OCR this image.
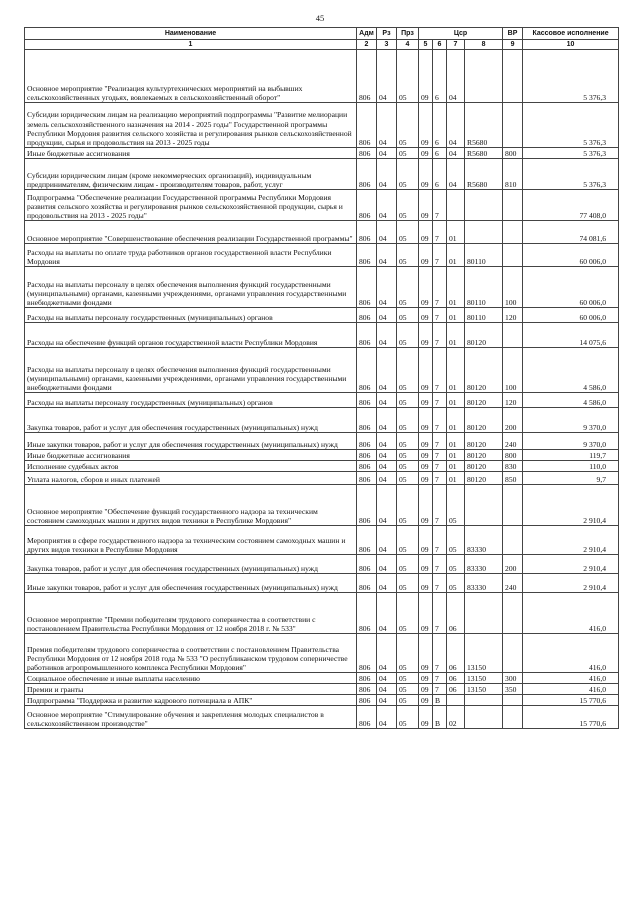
45
Наименование	Адм	Рз	Прз	Цср				ВР	Кассовое исполнение
1	2	3	4	5	6	7	8	9	10
Основное мероприятие "Реализация культуртехнических мероприятий на выбывших сельскохозяйственных угодьях, вовлекаемых в сельскохозяйственный оборот"	806	04	05	09	6	04			5 376,3
Субсидии юридическим лицам на реализацию мероприятий подпрограммы "Развитие мелиорации земель сельскохозяйственного назначения на 2014 - 2025 годы" Государственной программы Республики Мордовия развития сельского хозяйства и регулирования рынков сельскохозяйственной продукции, сырья и продовольствия на 2013 - 2025 годы	806	04	05	09	6	04	R5680		5 376,3
Иные бюджетные ассигнования	806	04	05	09	6	04	R5680	800	5 376,3
Субсидии юридическим лицам (кроме некоммерческих организаций), индивидуальным предпринимателям, физическим лицам - производителям товаров, работ, услуг	806	04	05	09	6	04	R5680	810	5 376,3
Подпрограмма "Обеспечение реализации Государственной программы Республики Мордовия развития сельского хозяйства и регулирования рынков сельскохозяйственной продукции, сырья и продовольствия на 2013 - 2025 годы"	806	04	05	09	7				77 408,0
Основное мероприятие "Совершенствование обеспечения реализации Государственной программы"	806	04	05	09	7	01			74 081,6
Расходы на выплаты по оплате труда работников органов государственной власти Республики Мордовия	806	04	05	09	7	01	80110		60 006,0
Расходы на выплаты персоналу в целях обеспечения выполнения функций государственными (муниципальными) органами, казенными учреждениями, органами управления государственными внебюджетными фондами	806	04	05	09	7	01	80110	100	60 006,0
Расходы на выплаты персоналу государственных (муниципальных) органов	806	04	05	09	7	01	80110	120	60 006,0
Расходы на обеспечение функций органов государственной власти Республики Мордовия	806	04	05	09	7	01	80120		14 075,6
Расходы на выплаты персоналу в целях обеспечения выполнения функций государственными (муниципальными) органами, казенными учреждениями, органами управления государственными внебюджетными фондами	806	04	05	09	7	01	80120	100	4 586,0
Расходы на выплаты персоналу государственных (муниципальных) органов	806	04	05	09	7	01	80120	120	4 586,0
Закупка товаров, работ и услуг для обеспечения государственных (муниципальных) нужд	806	04	05	09	7	01	80120	200	9 370,0
Иные закупки товаров, работ и услуг для обеспечения государственных (муниципальных) нужд	806	04	05	09	7	01	80120	240	9 370,0
Иные бюджетные ассигнования	806	04	05	09	7	01	80120	800	119,7
Исполнение судебных актов	806	04	05	09	7	01	80120	830	110,0
Уплата налогов, сборов и иных платежей	806	04	05	09	7	01	80120	850	9,7
Основное мероприятие "Обеспечение функций государственного надзора за техническим состоянием самоходных машин и других видов техники в Республике Мордовия"	806	04	05	09	7	05			2 910,4
Мероприятия в сфере государственного надзора за техническим состоянием самоходных машин и других видов техники в Республике Мордовия	806	04	05	09	7	05	83330		2 910,4
Закупка товаров, работ и услуг для обеспечения государственных (муниципальных) нужд	806	04	05	09	7	05	83330	200	2 910,4
Иные закупки товаров, работ и услуг для обеспечения государственных (муниципальных) нужд	806	04	05	09	7	05	83330	240	2 910,4
Основное мероприятие "Премии победителям трудового соперничества в соответствии с постановлением Правительства Республики Мордовия от 12 ноября 2018 г. № 533"	806	04	05	09	7	06			416,0
Премия победителям трудового соперничества в соответствии с постановлением Правительства Республики Мордовия от 12 ноября 2018 года № 533 "О республиканском трудовом соперничестве работников агропромышленного комплекса Республики Мордовия"	806	04	05	09	7	06	13150		416,0
Социальное обеспечение и иные выплаты населению	806	04	05	09	7	06	13150	300	416,0
Премии и гранты	806	04	05	09	7	06	13150	350	416,0
Подпрограмма "Поддержка и развитие кадрового потенциала в АПК"	806	04	05	09	В				15 770,6
Основное мероприятие "Стимулирование обучения и закрепления молодых специалистов в сельскохозяйственном производстве"	806	04	05	09	В	02			15 770,6
